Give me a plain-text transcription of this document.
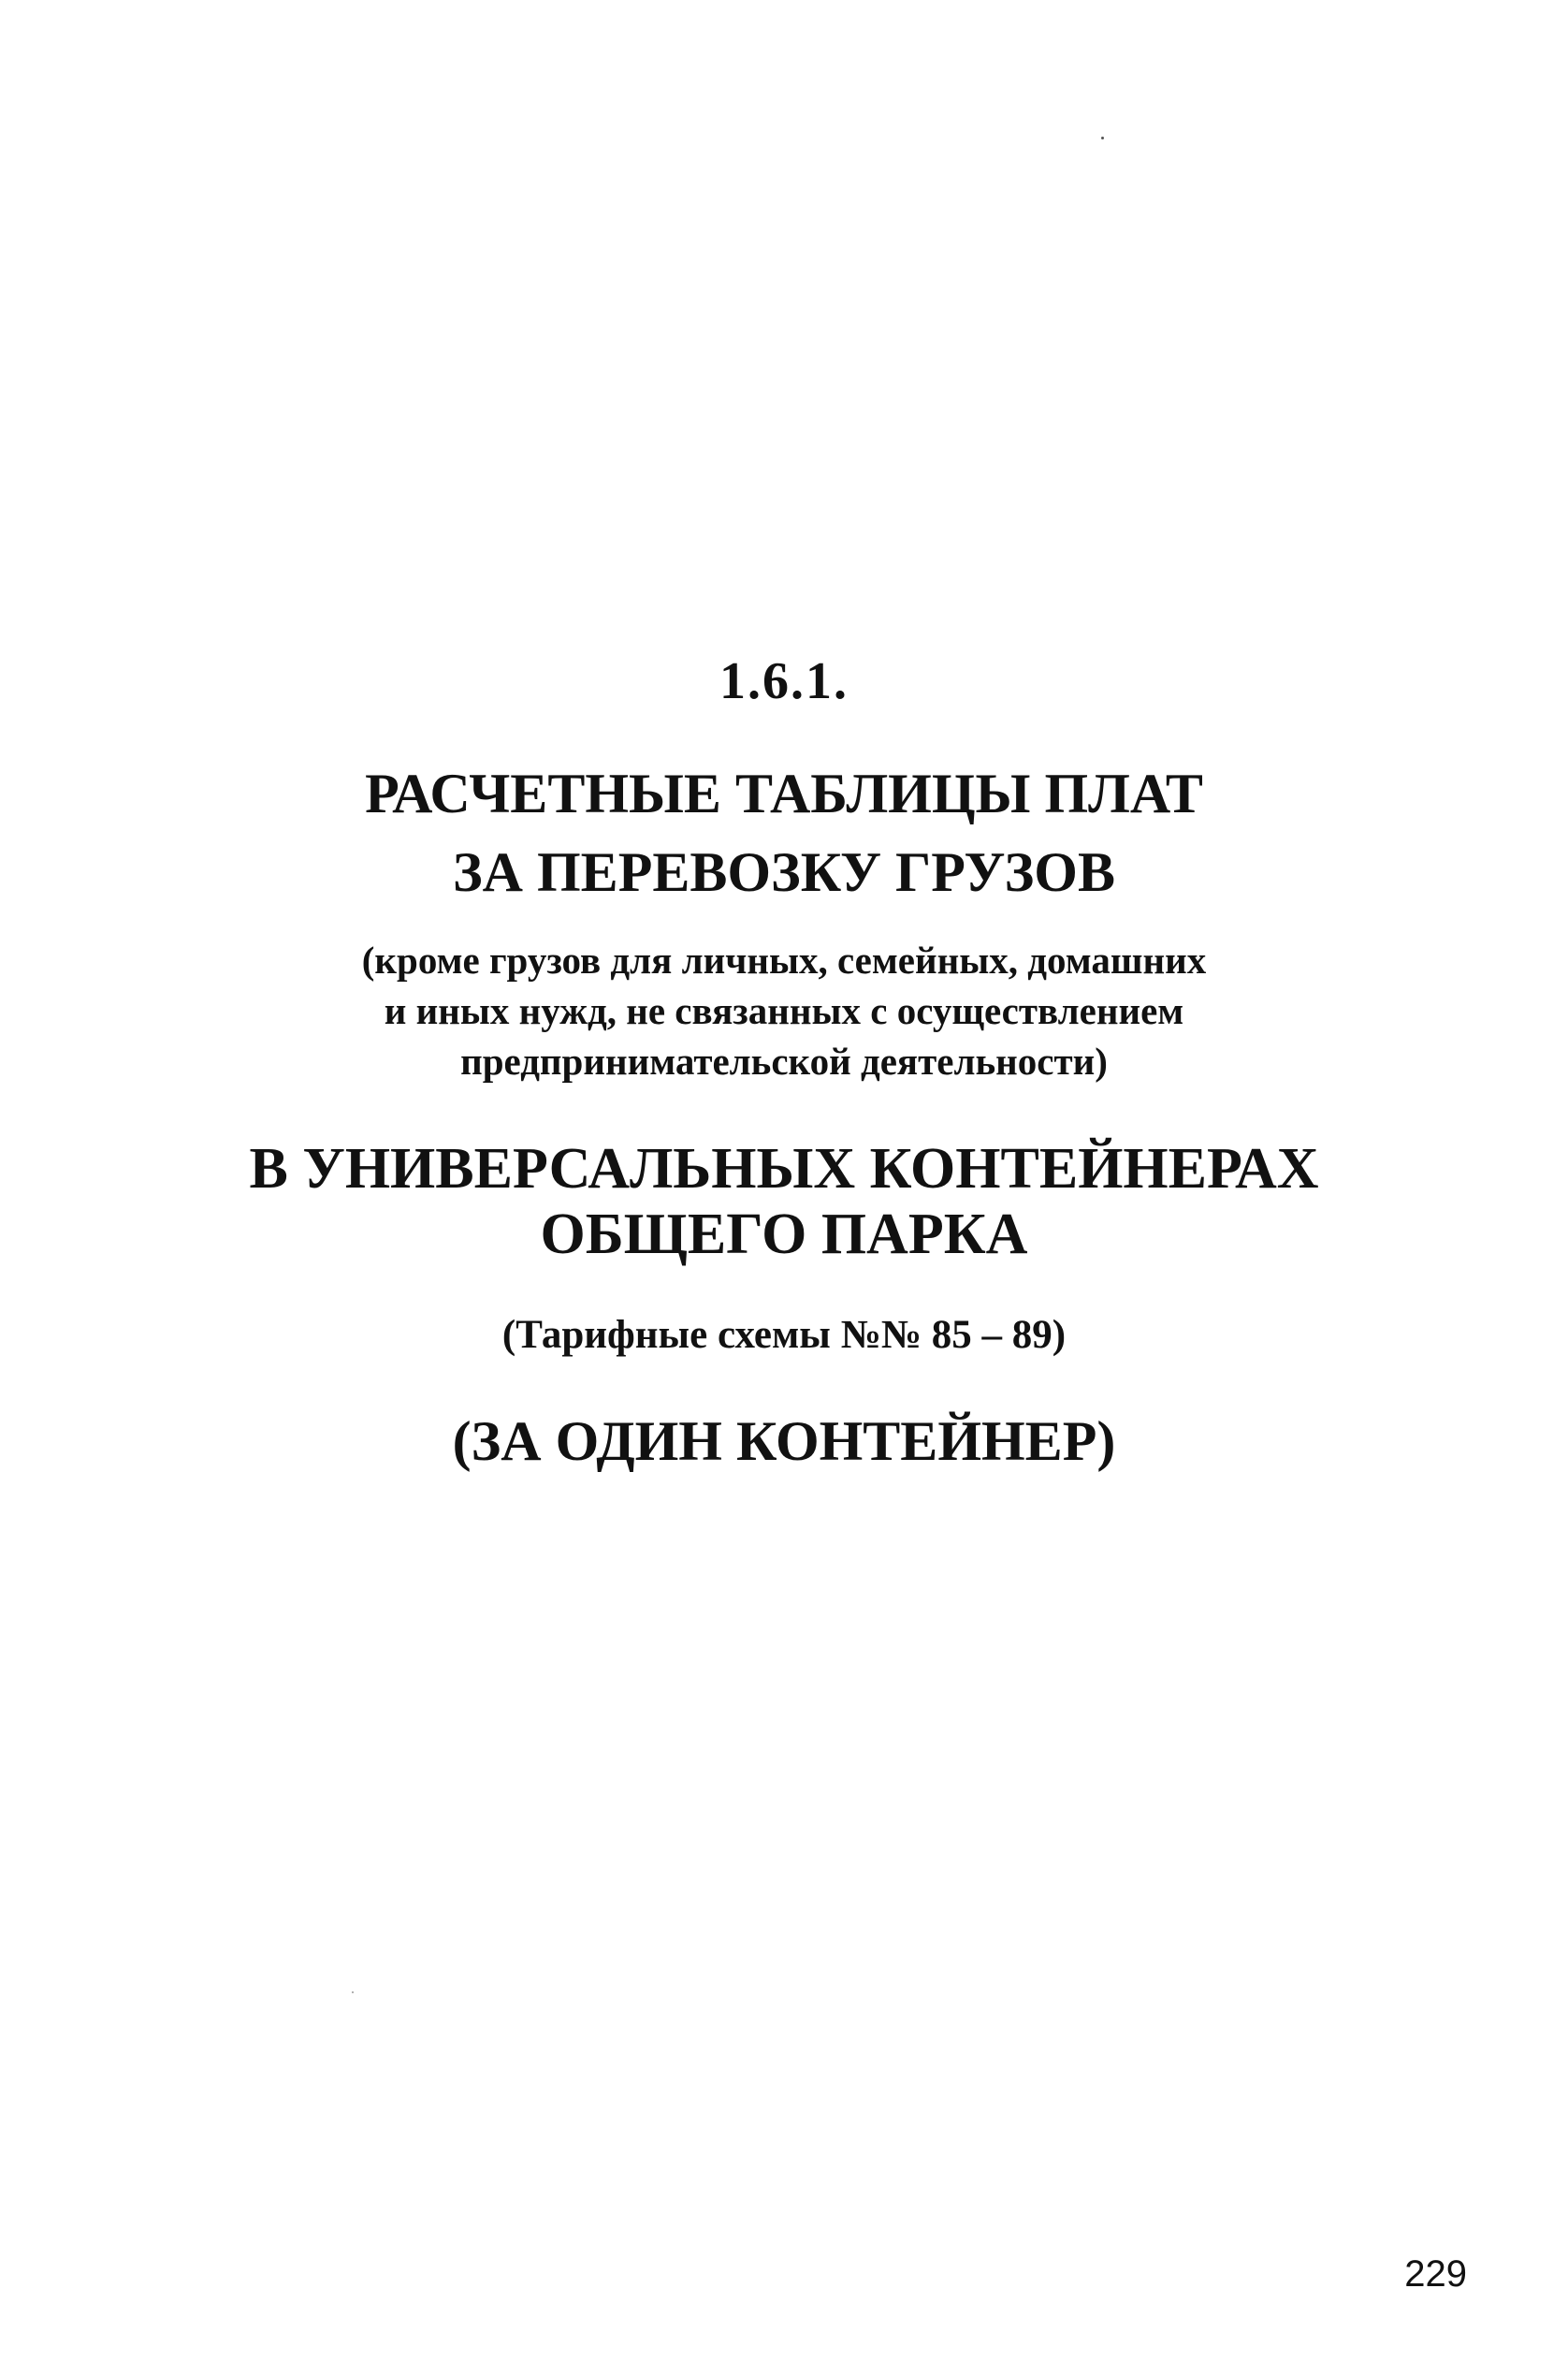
1.6.1.
РАСЧЕТНЫЕ ТАБЛИЦЫ ПЛАТ
ЗА ПЕРЕВОЗКУ ГРУЗОВ
(кроме грузов для личных, семейных, домашних
и иных нужд, не связанных с осуществлением
предпринимательской деятельности)
В УНИВЕРСАЛЬНЫХ КОНТЕЙНЕРАХ
ОБЩЕГО ПАРКА
(Тарифные схемы №№ 85 – 89)
(ЗА ОДИН КОНТЕЙНЕР)
229
